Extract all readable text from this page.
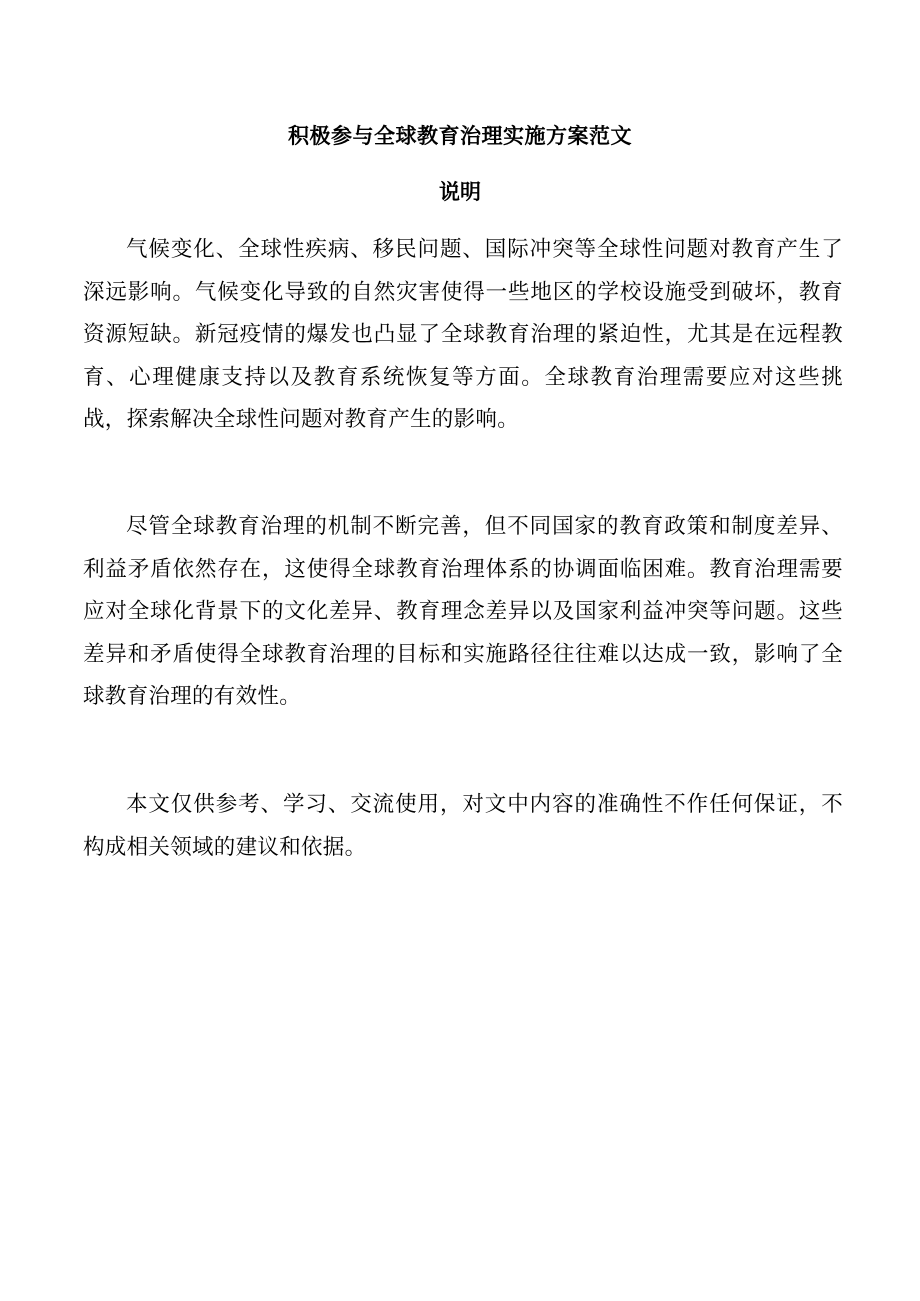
积极参与全球教育治理实施方案范文
说明

气候变化、全球性疾病、移民问题、国际冲突等全球性问题对教育产生了深远影响。气候变化导致的自然灾害使得一些地区的学校设施受到破坏，教育资源短缺。新冠疫情的爆发也凸显了全球教育治理的紧迫性，尤其是在远程教育、心理健康支持以及教育系统恢复等方面。全球教育治理需要应对这些挑战，探索解决全球性问题对教育产生的影响。

尽管全球教育治理的机制不断完善，但不同国家的教育政策和制度差异、利益矛盾依然存在，这使得全球教育治理体系的协调面临困难。教育治理需要应对全球化背景下的文化差异、教育理念差异以及国家利益冲突等问题。这些差异和矛盾使得全球教育治理的目标和实施路径往往难以达成一致，影响了全球教育治理的有效性。

本文仅供参考、学习、交流使用，对文中内容的准确性不作任何保证，不构成相关领域的建议和依据。
